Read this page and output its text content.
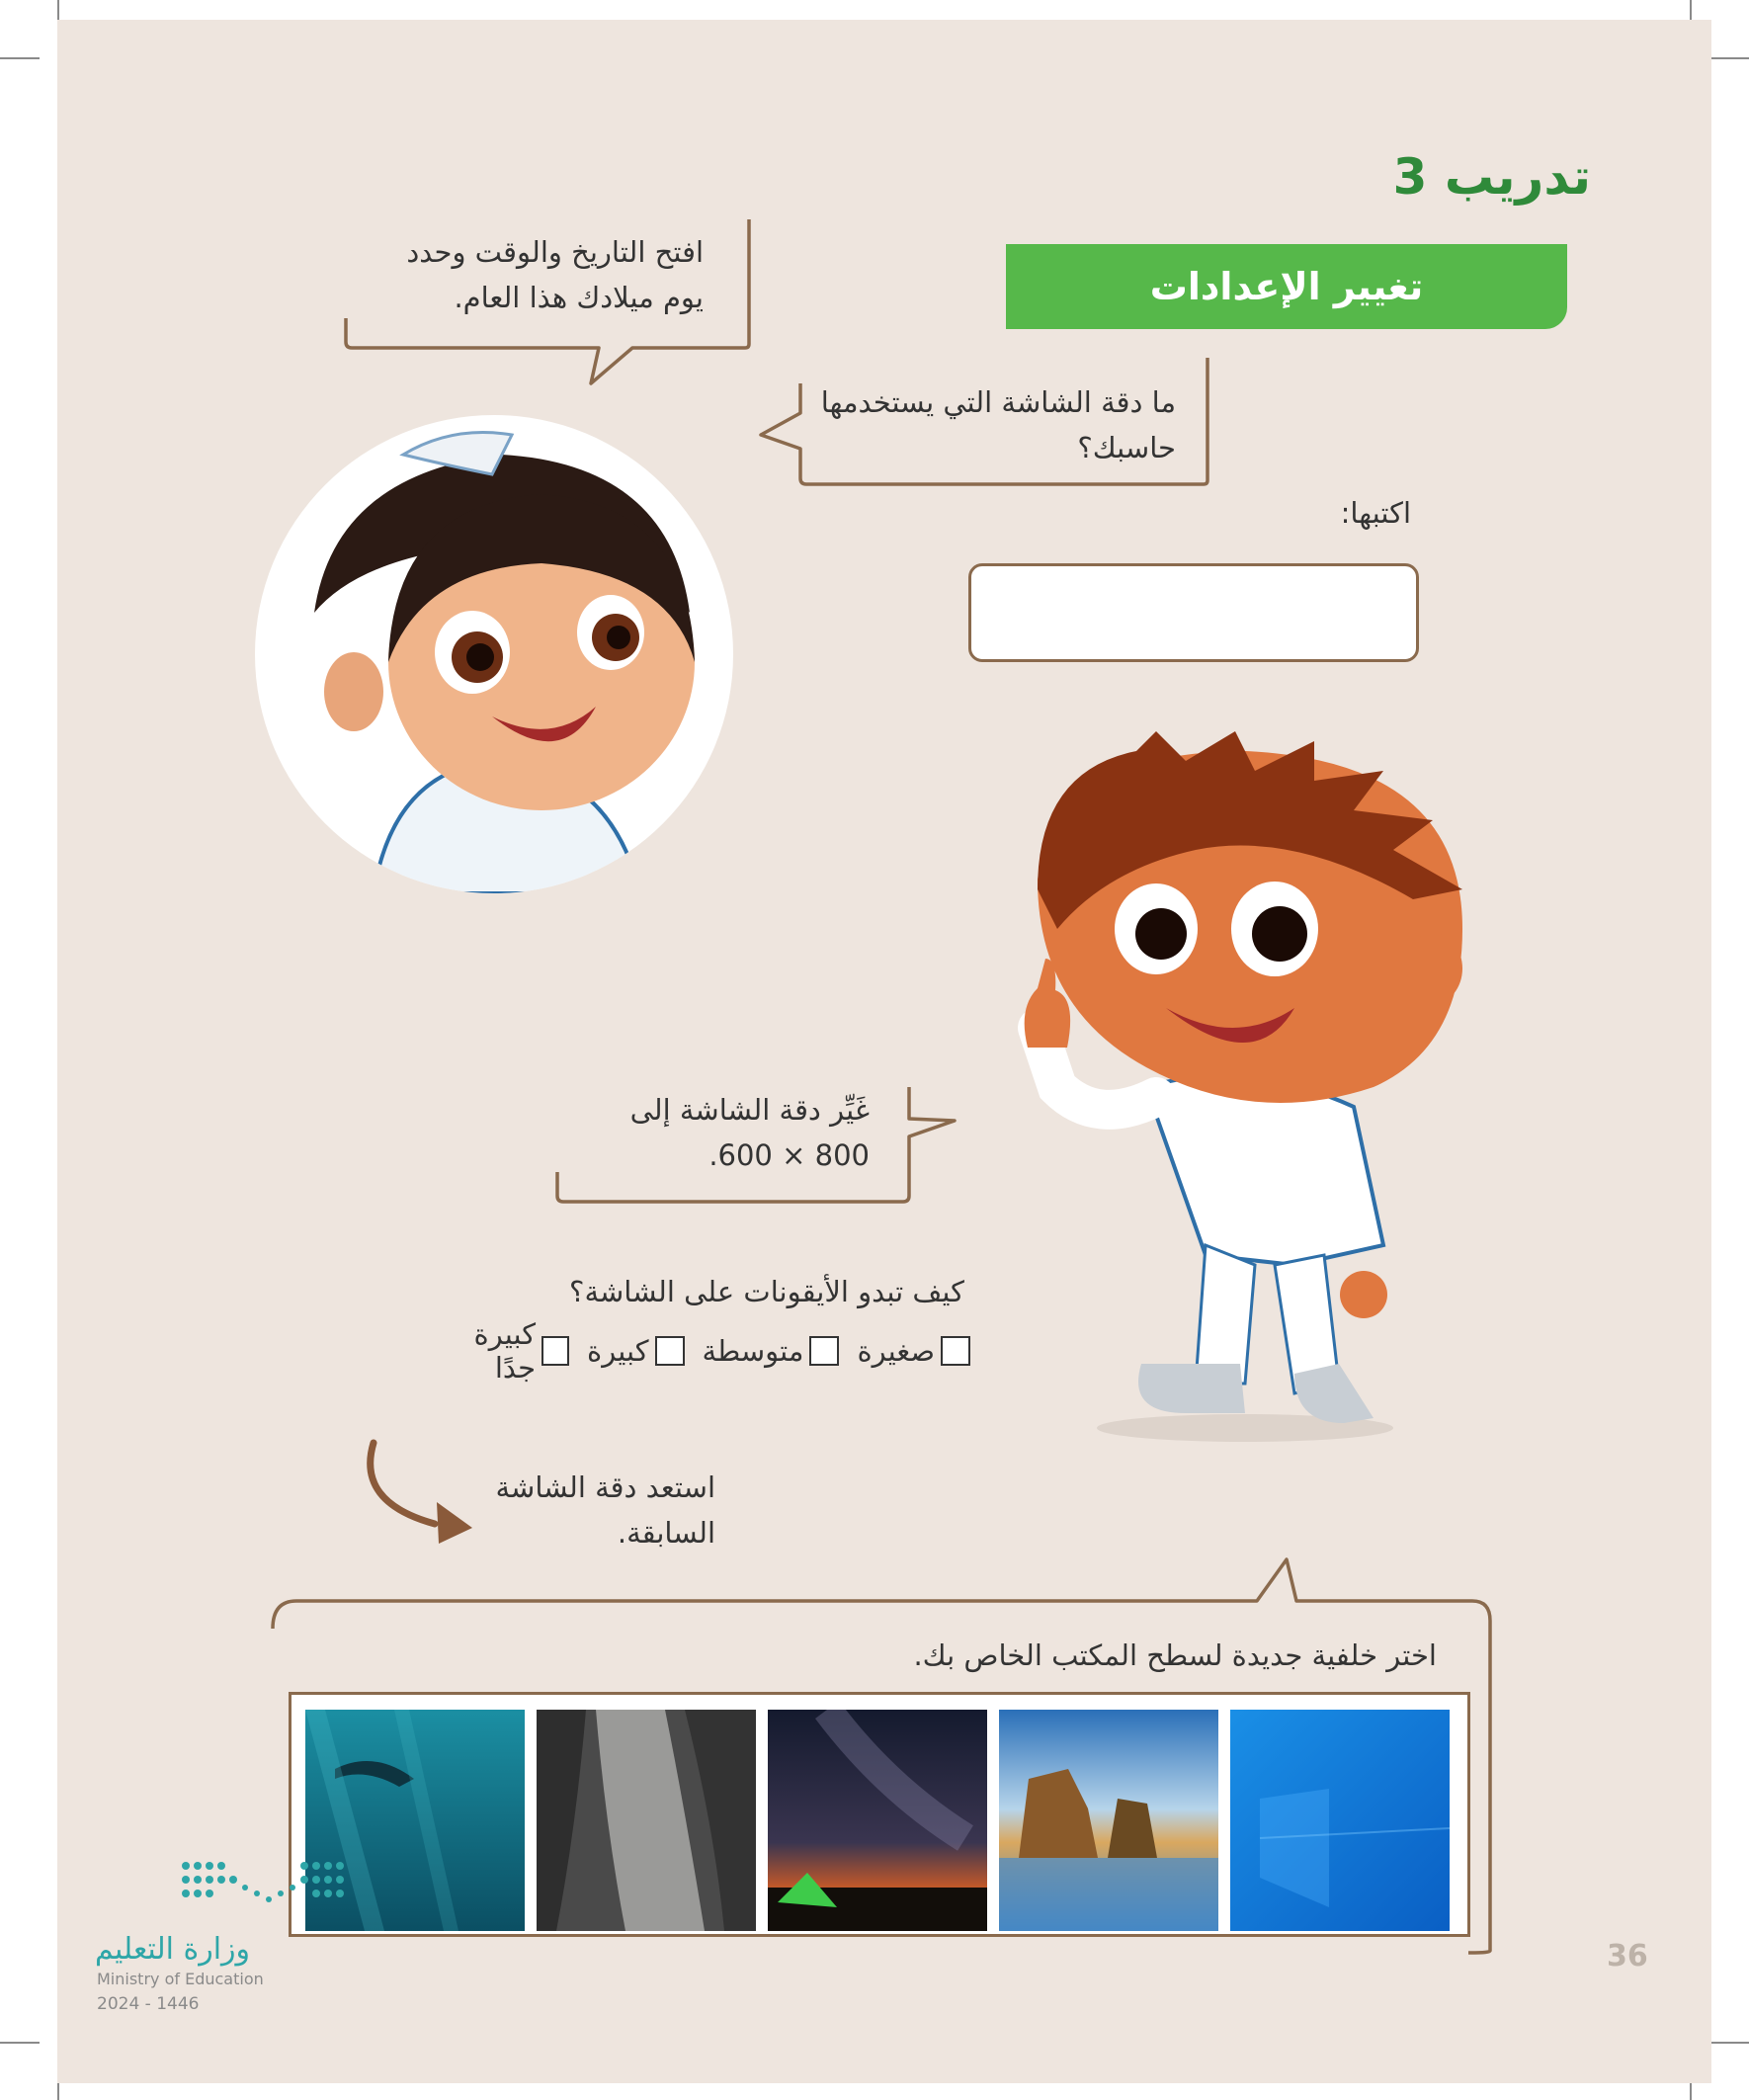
تدريب 3
تغيير الإعدادات
افتح التاريخ والوقت وحدد
يوم ميلادك هذا العام.
ما دقة الشاشة التي يستخدمها
حاسبك؟
اكتبها:
غَيِّر دقة الشاشة إلى
800 × 600.
كيف تبدو الأيقونات على الشاشة؟
صغيرة
متوسطة
كبيرة
كبيرة جدًا
استعد دقة الشاشة
السابقة.
اختر خلفية جديدة لسطح المكتب الخاص بك.
وزارة التعليم
Ministry of Education
2024 - 1446
36
